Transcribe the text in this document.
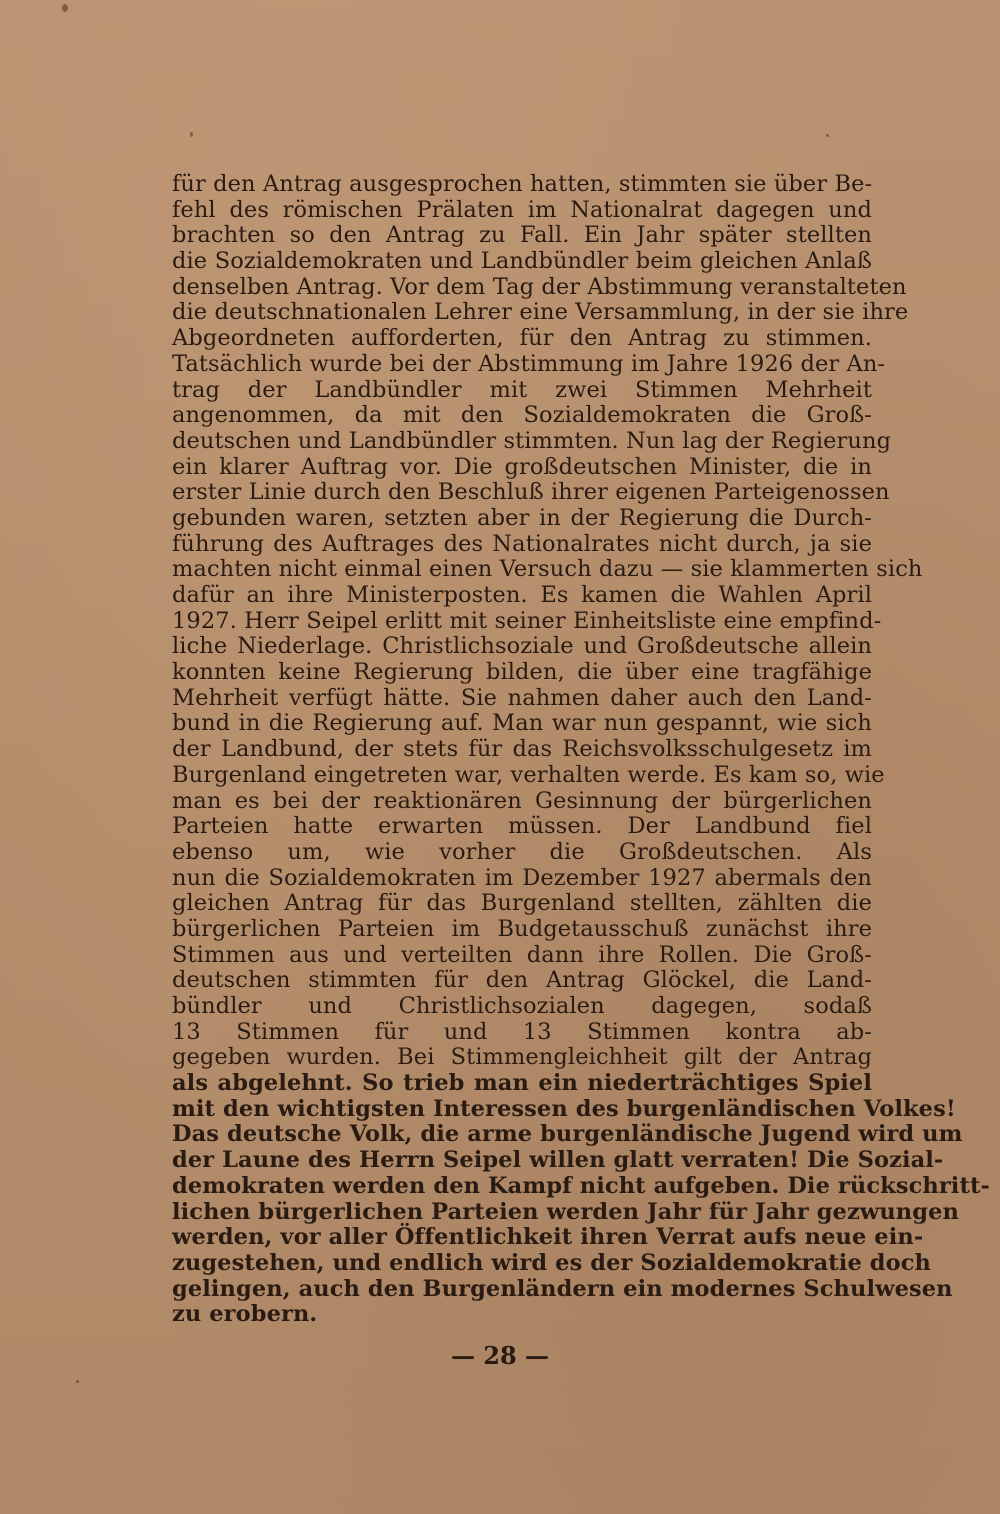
für den Antrag ausgesprochen hatten, stimmten sie über Be-
fehl des römischen Prälaten im Nationalrat dagegen und
brachten so den Antrag zu Fall. Ein Jahr später stellten
die Sozialdemokraten und Landbündler beim gleichen Anlaß
denselben Antrag. Vor dem Tag der Abstimmung veranstalteten
die deutschnationalen Lehrer eine Versammlung, in der sie ihre
Abgeordneten aufforderten, für den Antrag zu stimmen.
Tatsächlich wurde bei der Abstimmung im Jahre 1926 der An-
trag der Landbündler mit zwei Stimmen Mehrheit
angenommen, da mit den Sozialdemokraten die Groß-
deutschen und Landbündler stimmten. Nun lag der Regierung
ein klarer Auftrag vor. Die großdeutschen Minister, die in
erster Linie durch den Beschluß ihrer eigenen Parteigenossen
gebunden waren, setzten aber in der Regierung die Durch-
führung des Auftrages des Nationalrates nicht durch, ja sie
machten nicht einmal einen Versuch dazu — sie klammerten sich
dafür an ihre Ministerposten. Es kamen die Wahlen April
1927. Herr Seipel erlitt mit seiner Einheitsliste eine empfind-
liche Niederlage. Christlichsoziale und Großdeutsche allein
konnten keine Regierung bilden, die über eine tragfähige
Mehrheit verfügt hätte. Sie nahmen daher auch den Land-
bund in die Regierung auf. Man war nun gespannt, wie sich
der Landbund, der stets für das Reichsvolksschulgesetz im
Burgenland eingetreten war, verhalten werde. Es kam so, wie
man es bei der reaktionären Gesinnung der bürgerlichen
Parteien hatte erwarten müssen. Der Landbund fiel
ebenso um, wie vorher die Großdeutschen. Als
nun die Sozialdemokraten im Dezember 1927 abermals den
gleichen Antrag für das Burgenland stellten, zählten die
bürgerlichen Parteien im Budgetausschuß zunächst ihre
Stimmen aus und verteilten dann ihre Rollen. Die Groß-
deutschen stimmten für den Antrag Glöckel, die Land-
bündler und Christlichsozialen dagegen, sodaß
13 Stimmen für und 13 Stimmen kontra ab-
gegeben wurden. Bei Stimmengleichheit gilt der Antrag
als abgelehnt. So trieb man ein niederträchtiges Spiel
mit den wichtigsten Interessen des burgenländischen Volkes!
Das deutsche Volk, die arme burgenländische Jugend wird um
der Laune des Herrn Seipel willen glatt verraten! Die Sozial-
demokraten werden den Kampf nicht aufgeben. Die rückschritt-
lichen bürgerlichen Parteien werden Jahr für Jahr gezwungen
werden, vor aller Öffentlichkeit ihren Verrat aufs neue ein-
zugestehen, und endlich wird es der Sozialdemokratie doch
gelingen, auch den Burgenländern ein modernes Schulwesen
zu erobern.
— 28 —
